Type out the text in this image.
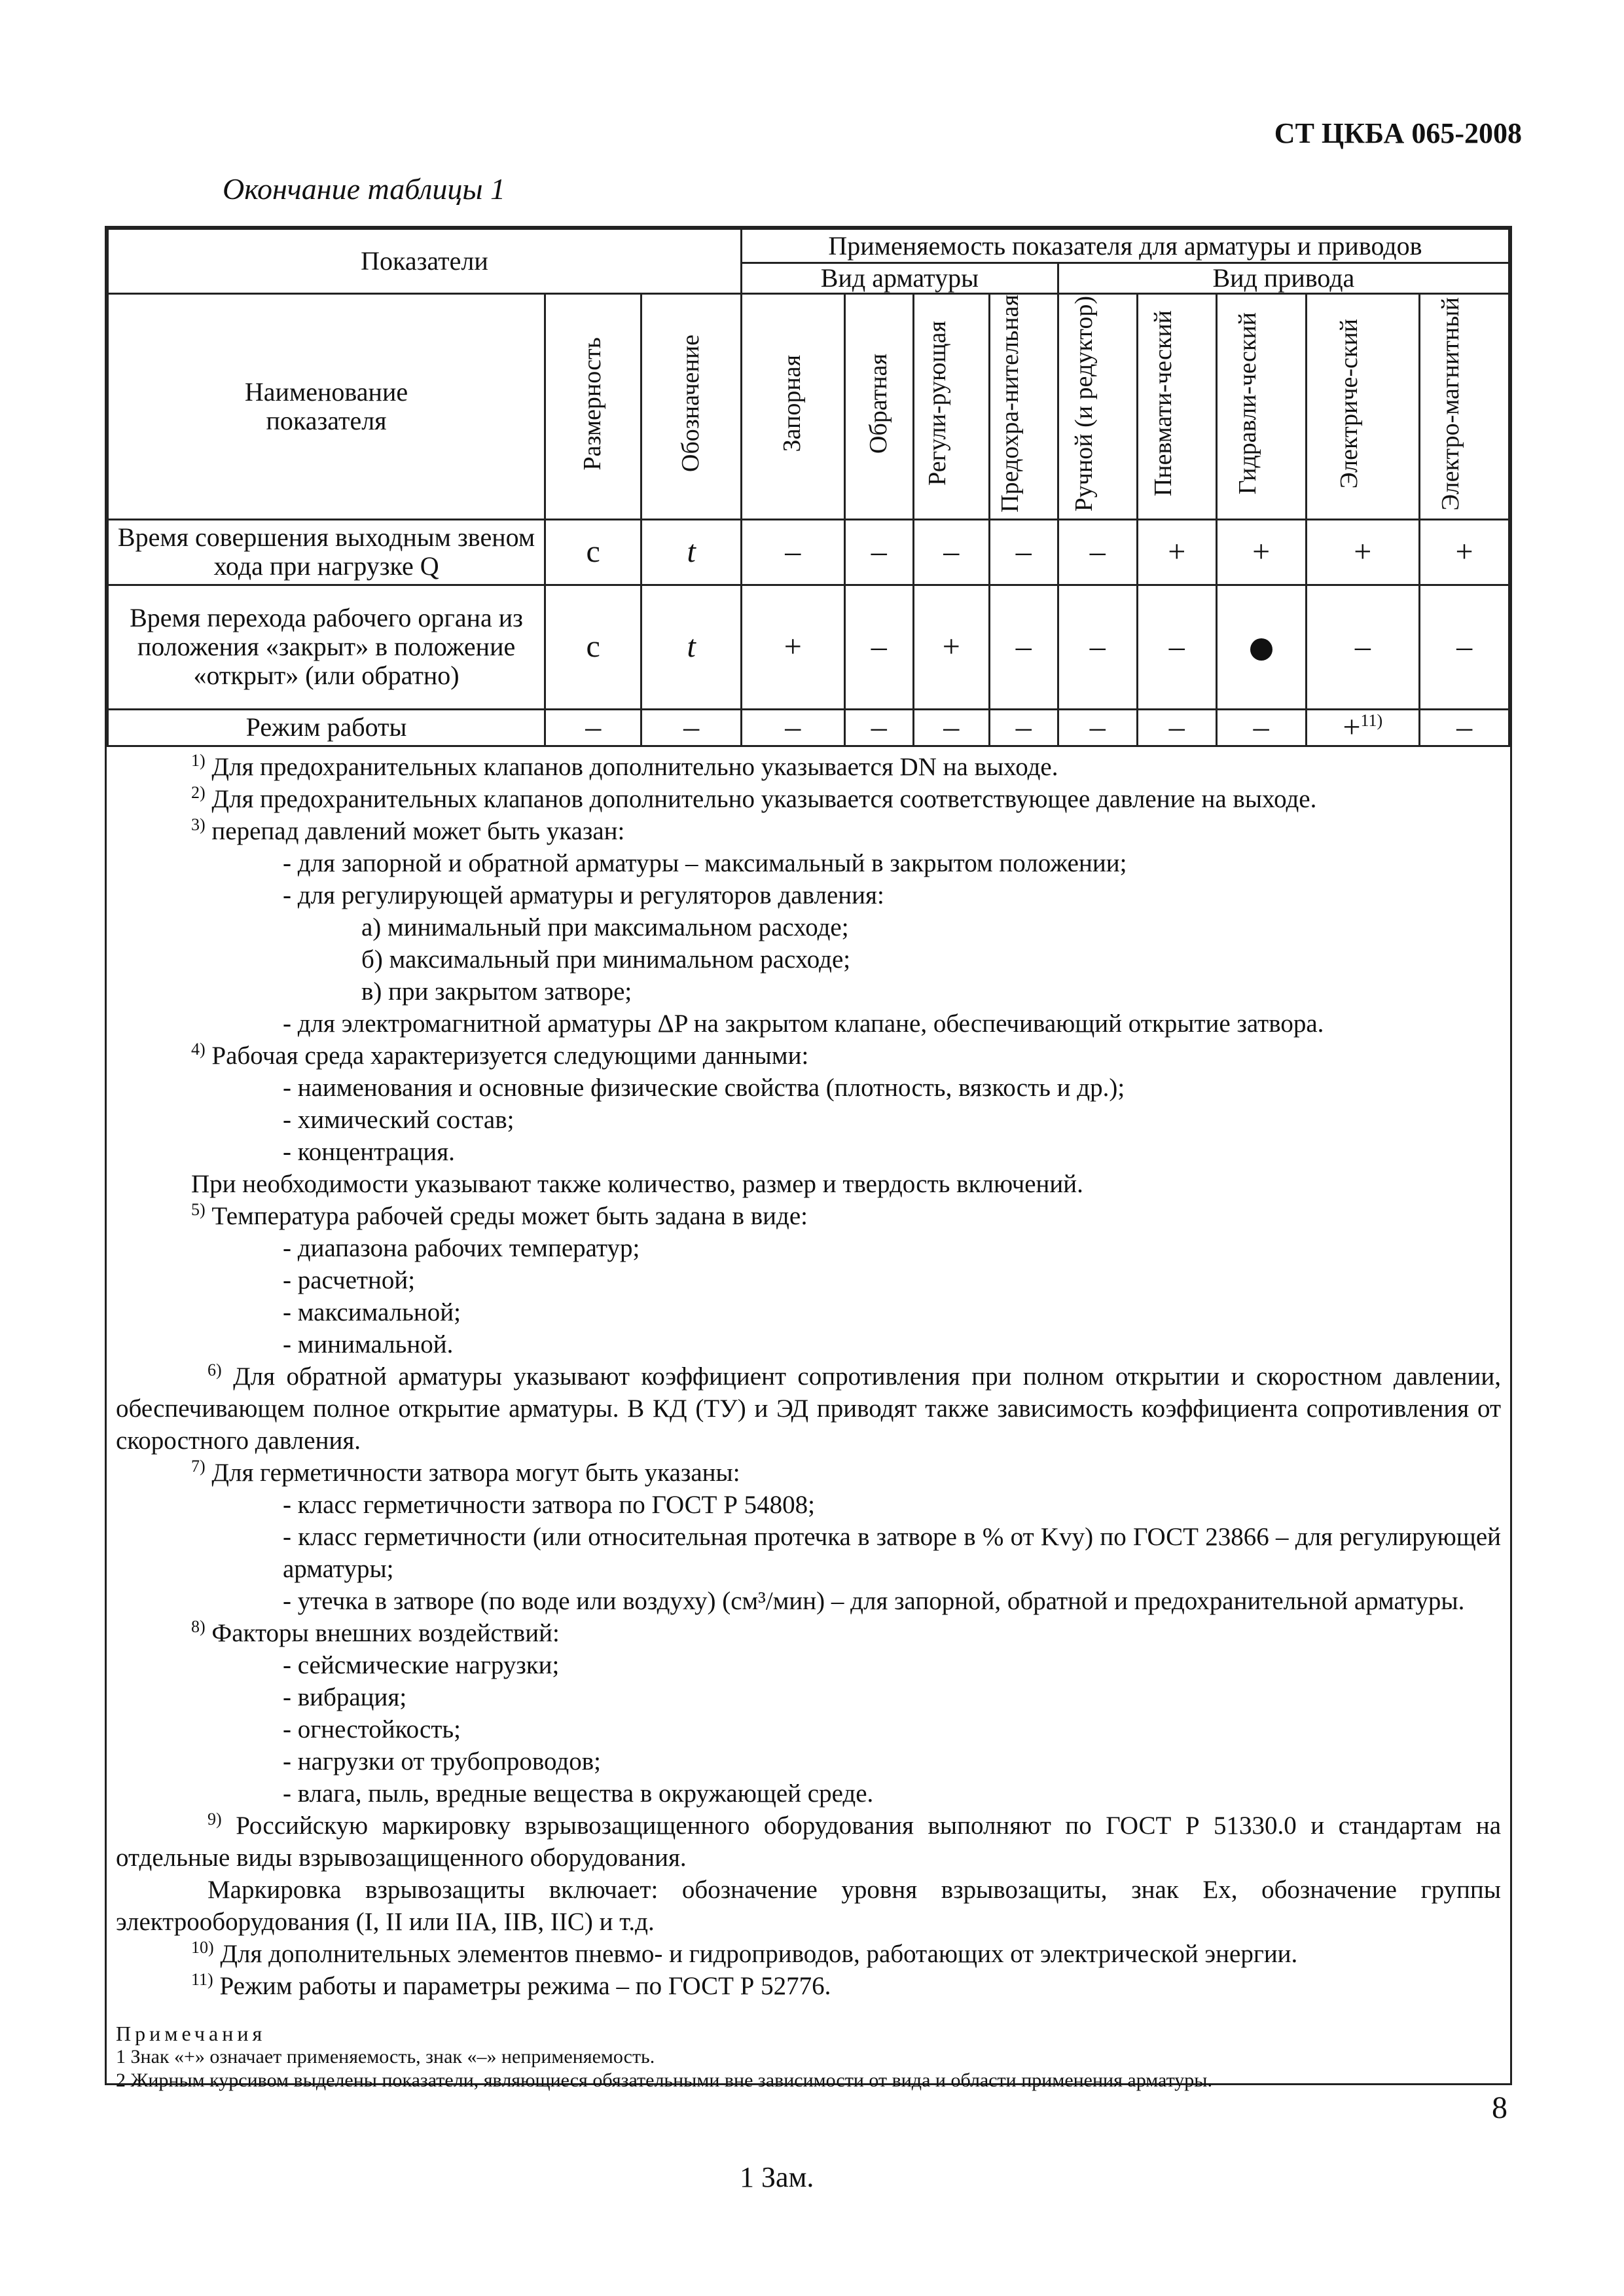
СТ ЦКБА 065-2008
Окончание таблицы 1
Показатели			Применяемость показателя для арматуры и приводов								
			Вид арматуры				Вид привода				
Наименование показателя	Размерность	Обозначение	Запорная	Обратная	Регули-рующая	Предохра-нительная	Ручной (и редуктор)	Пневмати-ческий	Гидравли-ческий	Электриче-ский	Электро-магнитный
Время совершения выходным звеном хода при нагрузке Q	с	t	–	–	–	–	–	+	+	+	+
Время перехода рабочего органа из положения «закрыт» в положение «открыт» (или обратно)	с	t	+	–	+	–	–	–		–	–
Режим работы	–	–	–	–	–	–	–	–	–	+$^{11)}$	–

$^{1)}$ Для предохранительных клапанов дополнительно указывается DN на выходе.

$^{2)}$ Для предохранительных клапанов дополнительно указывается соответствующее давление на выходе.

$^{3)}$ перепад давлений может быть указан:

- для запорной и обратной арматуры – максимальный в закрытом положении;

- для регулирующей арматуры и регуляторов давления:

а) минимальный при максимальном расходе;

б) максимальный при минимальном расходе;

в) при закрытом затворе;

- для электромагнитной арматуры ΔP на закрытом клапане, обеспечивающий открытие затвора.

$^{4)}$ Рабочая среда характеризуется следующими данными:

- наименования и основные физические свойства (плотность, вязкость и др.);

- химический состав;

- концентрация.

При необходимости указывают также количество, размер и твердость включений.

$^{5)}$ Температура рабочей среды может быть задана в виде:

- диапазона рабочих температур;

- расчетной;

- максимальной;

- минимальной.

$^{6)}$ Для обратной арматуры указывают коэффициент сопротивления при полном открытии и скоростном давлении, обеспечивающем полное открытие арматуры. В КД (ТУ) и ЭД приводят также зависимость коэффициента сопротивления от скоростного давления.

$^{7)}$ Для герметичности затвора могут быть указаны:

- класс герметичности затвора по ГОСТ Р 54808;

- класс герметичности (или относительная протечка в затворе в % от Kvy) по ГОСТ 23866 – для регулирующей арматуры;

- утечка в затворе (по воде или воздуху) (см³/мин) – для запорной, обратной и предохранительной арматуры.

$^{8)}$ Факторы внешних воздействий:

- сейсмические нагрузки;

- вибрация;

- огнестойкость;

- нагрузки от трубопроводов;

- влага, пыль, вредные вещества в окружающей среде.

$^{9)}$ Российскую маркировку взрывозащищенного оборудования выполняют по ГОСТ Р 51330.0 и стандартам на отдельные виды взрывозащищенного оборудования.

Маркировка взрывозащиты включает: обозначение уровня взрывозащиты, знак Ex, обозначение группы электрооборудования (I, II или IIA, IIB, IIC) и т.д.

$^{10)}$ Для дополнительных элементов пневмо- и гидроприводов, работающих от электрической энергии.

$^{11)}$ Режим работы и параметры режима – по ГОСТ Р 52776.

Примечания
1 Знак «+» означает применяемость, знак «–» неприменяемость.
2 Жирным курсивом выделены показатели, являющиеся обязательными вне зависимости от вида и области применения арматуры.
8
1 Зам.
